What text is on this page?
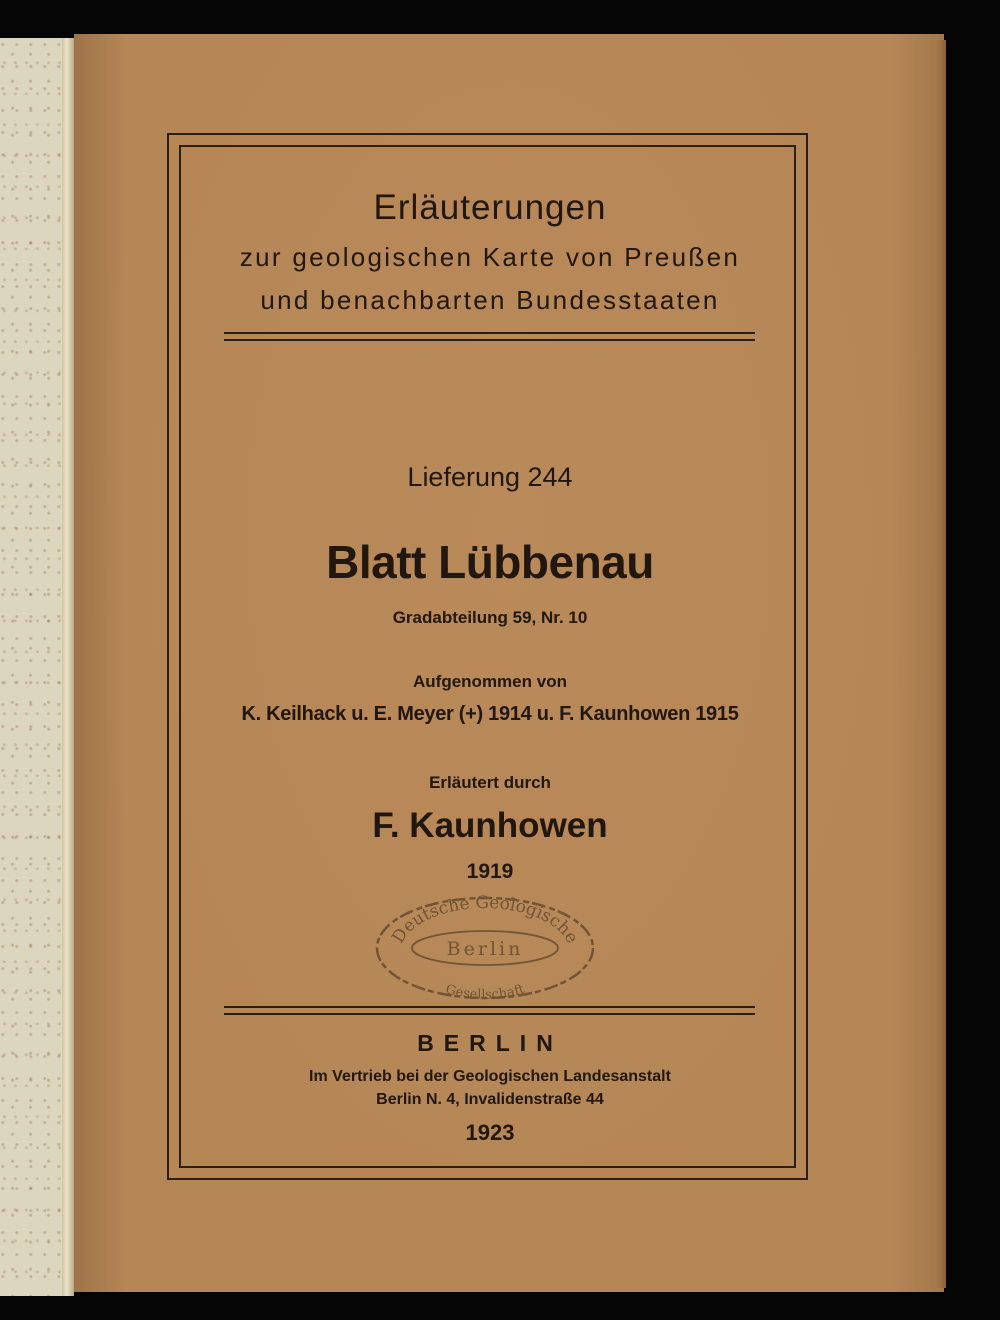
Erläuterungen
zur geologischen Karte von Preußen
und benachbarten Bundesstaaten
Lieferung 244
Blatt Lübbenau
Gradabteilung 59, Nr. 10
Aufgenommen von
K. Keilhack u. E. Meyer (+) 1914 u. F. Kaunhowen 1915
Erläutert durch
F. Kaunhowen
1919
Deutsche Geologische
Berlin
Gesellschaft
BERLIN
Im Vertrieb bei der Geologischen Landesanstalt
Berlin N. 4, Invalidenstraße 44
1923
